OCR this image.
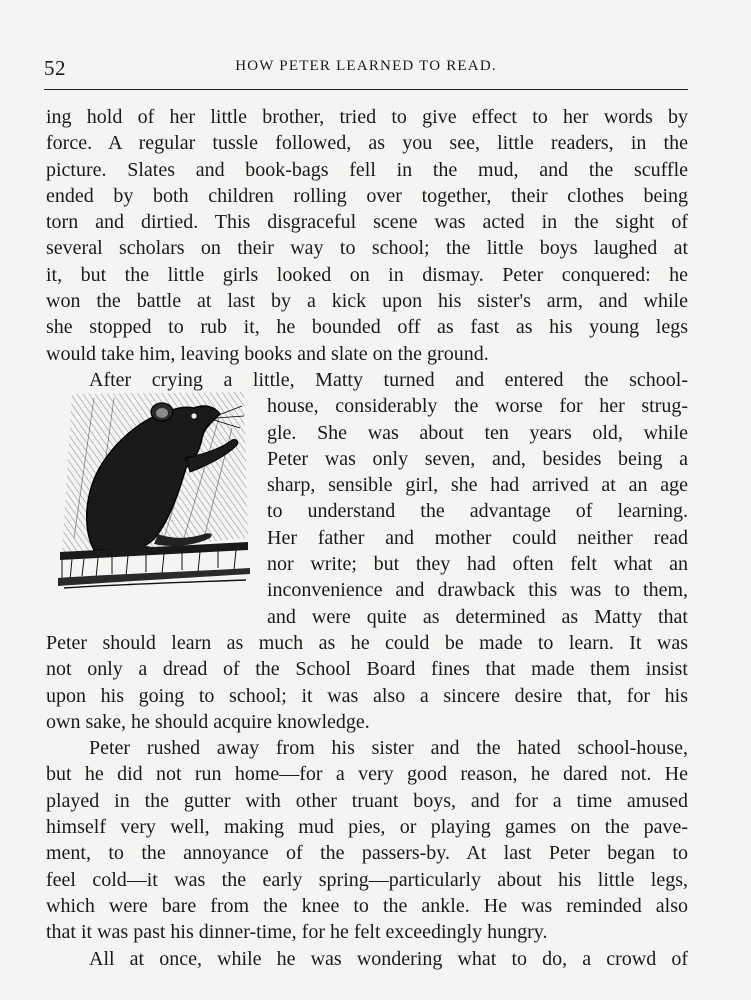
52	HOW PETER LEARNED TO READ.
ing hold of her little brother, tried to give effect to her words by
force. A regular tussle followed, as you see, little readers, in the
picture. Slates and book-bags fell in the mud, and the scuffle
ended by both children rolling over together, their clothes being
torn and dirtied. This disgraceful scene was acted in the sight of
several scholars on their way to school; the little boys laughed at
it, but the little girls looked on in dismay. Peter conquered: he
won the battle at last by a kick upon his sister's arm, and while
she stopped to rub it, he bounded off as fast as his young legs
would take him, leaving books and slate on the ground.
After crying a little, Matty turned and entered the school-
house, considerably the worse for her strug-
gle. She was about ten years old, while
Peter was only seven, and, besides being a
sharp, sensible girl, she had arrived at an age
to understand the advantage of learning.
Her father and mother could neither read
nor write; but they had often felt what an
inconvenience and drawback this was to them,
and were quite as determined as Matty that
Peter should learn as much as he could be made to learn. It was
not only a dread of the School Board fines that made them insist
upon his going to school; it was also a sincere desire that, for his
own sake, he should acquire knowledge.
Peter rushed away from his sister and the hated school-house,
but he did not run home—for a very good reason, he dared not. He
played in the gutter with other truant boys, and for a time amused
himself very well, making mud pies, or playing games on the pave-
ment, to the annoyance of the passers-by. At last Peter began to
feel cold—it was the early spring—particularly about his little legs,
which were bare from the knee to the ankle. He was reminded also
that it was past his dinner-time, for he felt exceedingly hungry.
All at once, while he was wondering what to do, a crowd of
